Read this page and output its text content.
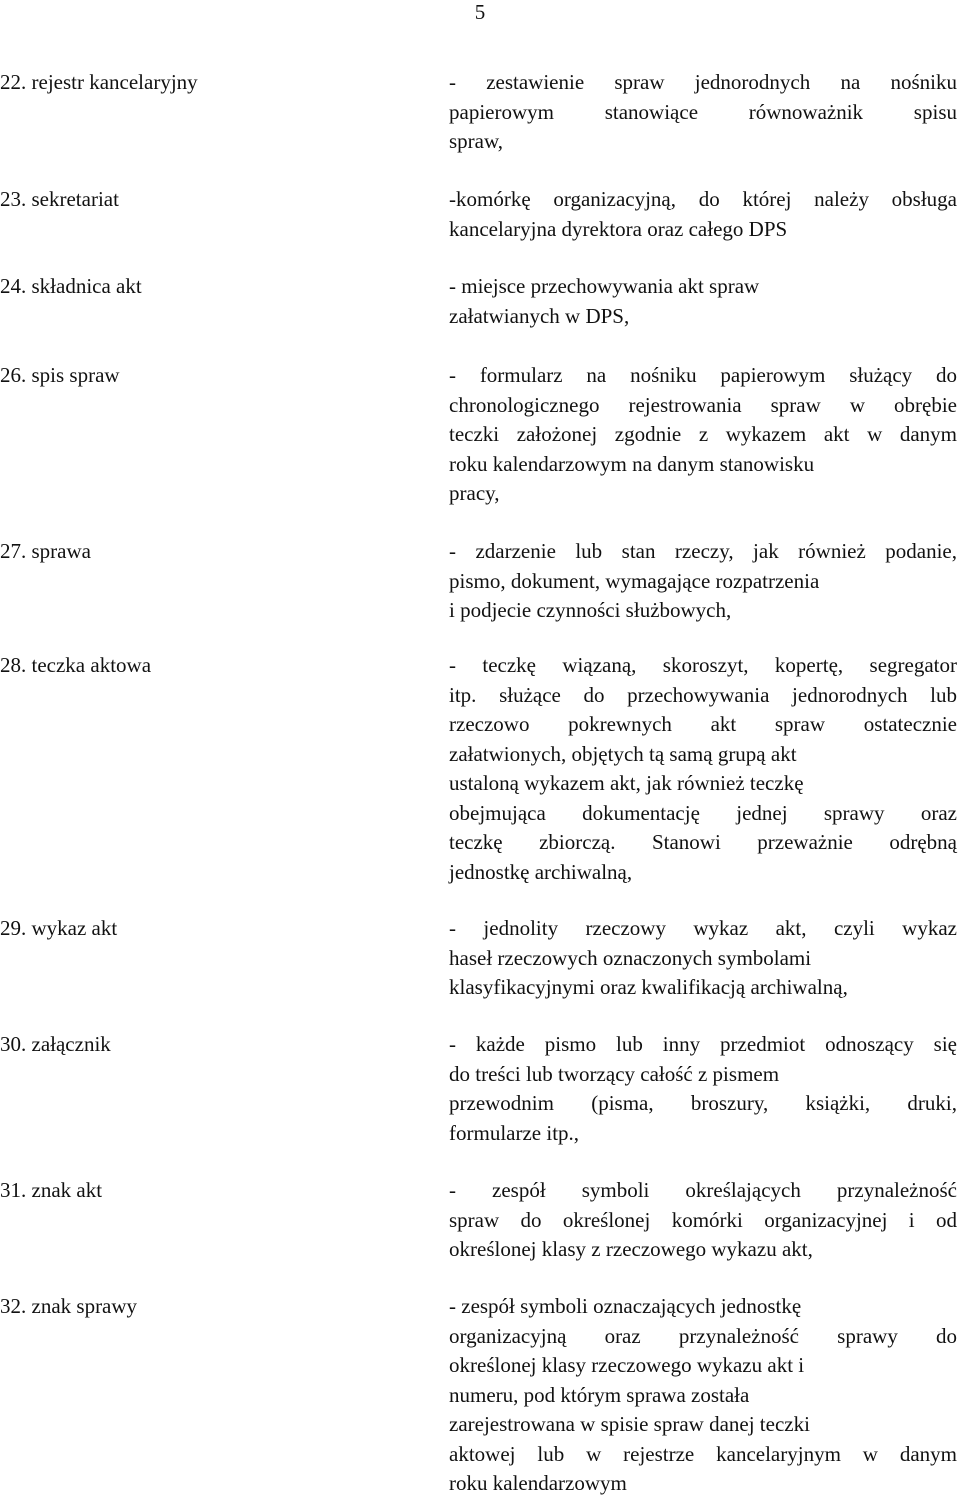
5
22. rejestr kancelaryjny	- zestawienie spraw jednorodnych na nośniku
papierowym stanowiące równoważnik spisu
spraw,
23. sekretariat	-komórkę organizacyjną, do której należy obsługa
kancelaryjna dyrektora oraz całego DPS
24. składnica akt	- miejsce przechowywania akt spraw
załatwianych w DPS,
26. spis spraw	- formularz na nośniku papierowym służący do
chronologicznego rejestrowania spraw w obrębie
teczki założonej zgodnie z wykazem akt w danym
roku kalendarzowym na danym stanowisku
pracy,
27. sprawa	- zdarzenie lub stan rzeczy, jak również podanie,
pismo, dokument, wymagające rozpatrzenia
i podjecie czynności służbowych,
28. teczka aktowa	- teczkę wiązaną, skoroszyt, kopertę, segregator
itp. służące do przechowywania jednorodnych lub
rzeczowo pokrewnych akt spraw ostatecznie
załatwionych, objętych tą samą grupą akt
ustaloną wykazem akt, jak również teczkę
obejmująca dokumentację jednej sprawy oraz
teczkę zbiorczą. Stanowi przeważnie odrębną
jednostkę archiwalną,
29. wykaz akt	- jednolity rzeczowy wykaz akt, czyli wykaz
haseł rzeczowych oznaczonych symbolami
klasyfikacyjnymi oraz kwalifikacją archiwalną,
30. załącznik	- każde pismo lub inny przedmiot odnoszący się
do treści lub tworzący całość z pismem
przewodnim (pisma, broszury, książki, druki,
formularze itp.,
31. znak akt	- zespół symboli określających przynależność
spraw do określonej komórki organizacyjnej i od
określonej klasy z rzeczowego wykazu akt,
32. znak sprawy	- zespół symboli oznaczających jednostkę
organizacyjną oraz przynależność sprawy do
określonej klasy rzeczowego wykazu akt i
numeru, pod którym sprawa została
zarejestrowana w spisie spraw danej teczki
aktowej lub w rejestrze kancelaryjnym w danym
roku kalendarzowym
